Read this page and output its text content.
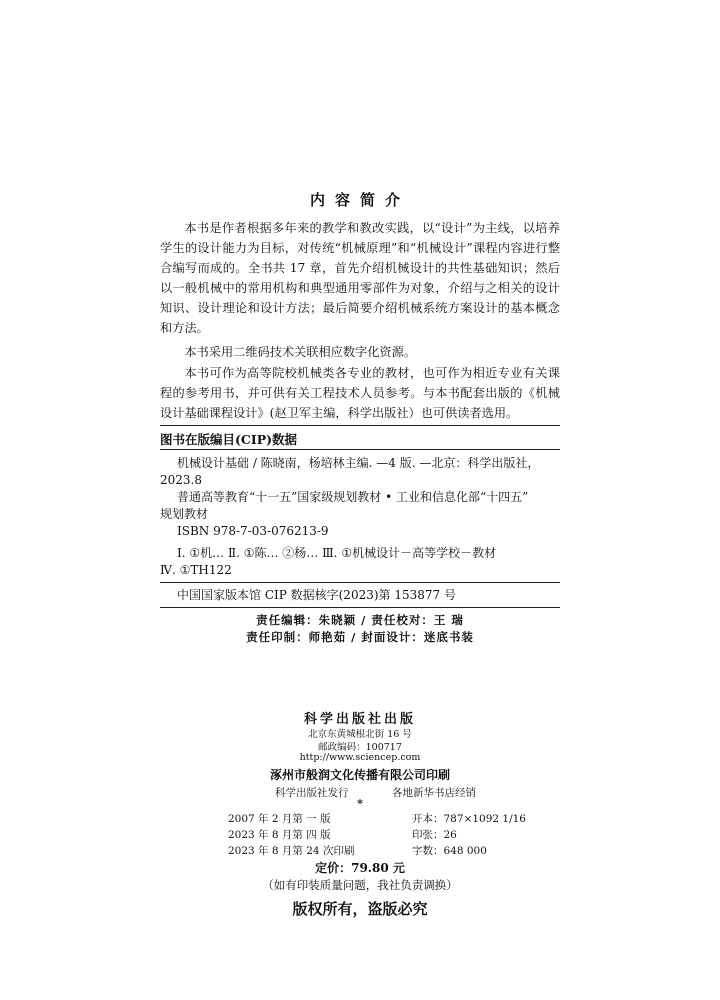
内容简介

本书是作者根据多年来的教学和教改实践，以“设计”为主线，以培养学生的设计能力为目标，对传统“机械原理”和“机械设计”课程内容进行整合编写而成的。全书共 17 章，首先介绍机械设计的共性基础知识；然后以一般机械中的常用机构和典型通用零部件为对象，介绍与之相关的设计知识、设计理论和设计方法；最后简要介绍机械系统方案设计的基本概念和方法。

本书采用二维码技术关联相应数字化资源。

本书可作为高等院校机械类各专业的教材，也可作为相近专业有关课程的参考用书，并可供有关工程技术人员参考。与本书配套出版的《机械设计基础课程设计》(赵卫军主编，科学出版社）也可供读者选用。

图书在版编目(CIP)数据
机械设计基础 / 陈晓南，杨培林主编. —4 版. —北京：科学出版社，
2023.8
普通高等教育“十一五”国家级规划教材 • 工业和信息化部“十四五”
规划教材
ISBN 978-7-03-076213-9
Ⅰ. ①机… Ⅱ. ①陈… ②杨… Ⅲ. ①机械设计－高等学校－教材
Ⅳ. ①TH122
中国国家版本馆 CIP 数据核字(2023)第 153877 号
责任编辑：朱晓颖 / 责任校对：王 瑞
责任印制：师艳茹 / 封面设计：迷底书装
科学出版社出版
北京东黄城根北街 16 号
邮政编码：100717
http://www.sciencep.com
涿州市般润文化传播有限公司印刷
科学出版社发行	各地新华书店经销
*
2007 年 2 月第 一 版	开本：787×1092 1/16
2023 年 8 月第 四 版	印张：26
2023 年 8 月第 24 次印刷	字数：648 000
定价：79.80 元
（如有印装质量问题，我社负责调换）
版权所有，盗版必究
